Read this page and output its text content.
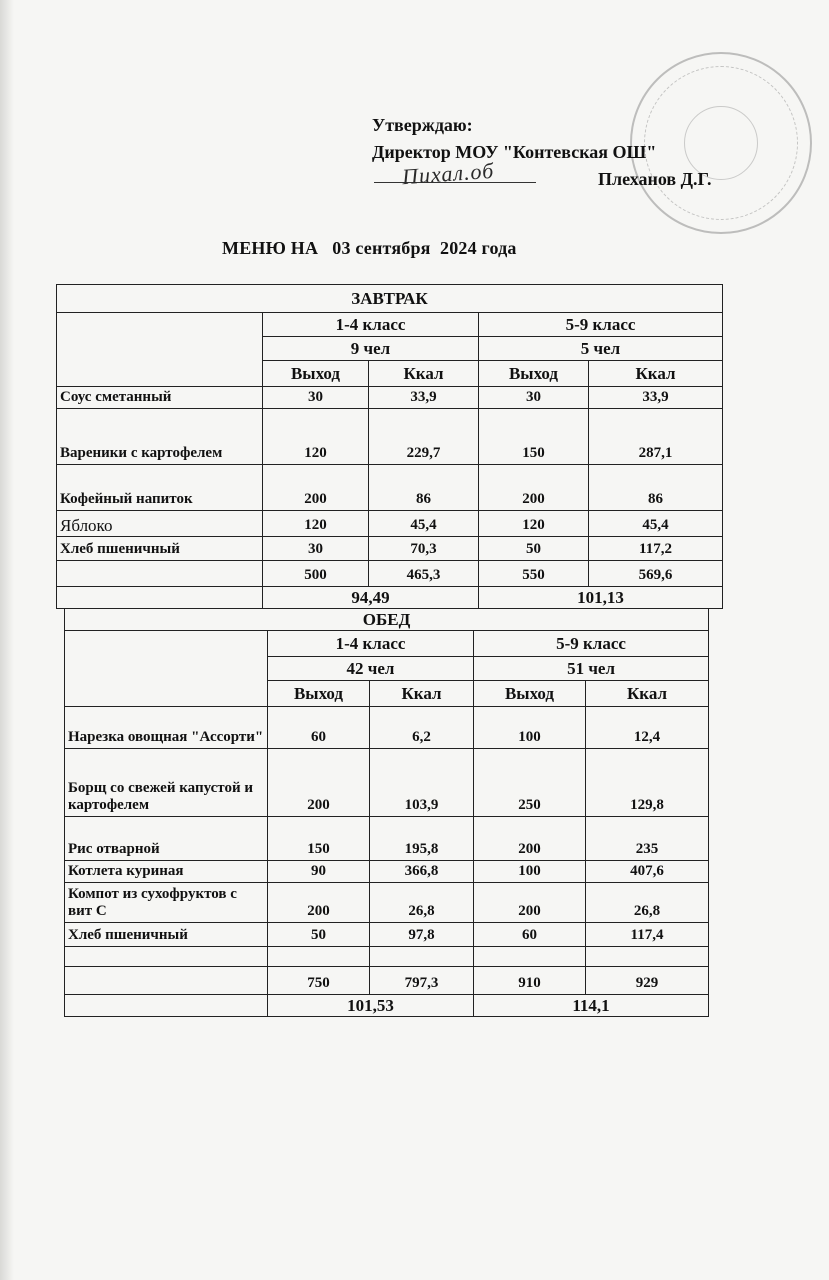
Утверждаю:
Директор МОУ "Контевская ОШ"
Пихал.об	Плеханов Д.Г.
МЕНЮ НА   03 сентября  2024 года
ЗАВТРАК				
	1-4 класс		5-9 класс	
	9 чел		5 чел	
	Выход	Ккал	Выход	Ккал
Соус сметанный	30	33,9	30	33,9
Вареники с картофелем	120	229,7	150	287,1
Кофейный напиток	200	86	200	86
Яблоко	120	45,4	120	45,4
Хлеб пшеничный	30	70,3	50	117,2
	500	465,3	550	569,6
	94,49		101,13	
ОБЕД				
	1-4 класс		5-9 класс	
	42 чел		51 чел	
	Выход	Ккал	Выход	Ккал
Нарезка овощная "Ассорти"	60	6,2	100	12,4
Борщ со свежей капустой и картофелем	200	103,9	250	129,8
Рис отварной	150	195,8	200	235
Котлета куриная	90	366,8	100	407,6
Компот из сухофруктов с вит С	200	26,8	200	26,8
Хлеб пшеничный	50	97,8	60	117,4

	750	797,3	910	929
	101,53		114,1	
